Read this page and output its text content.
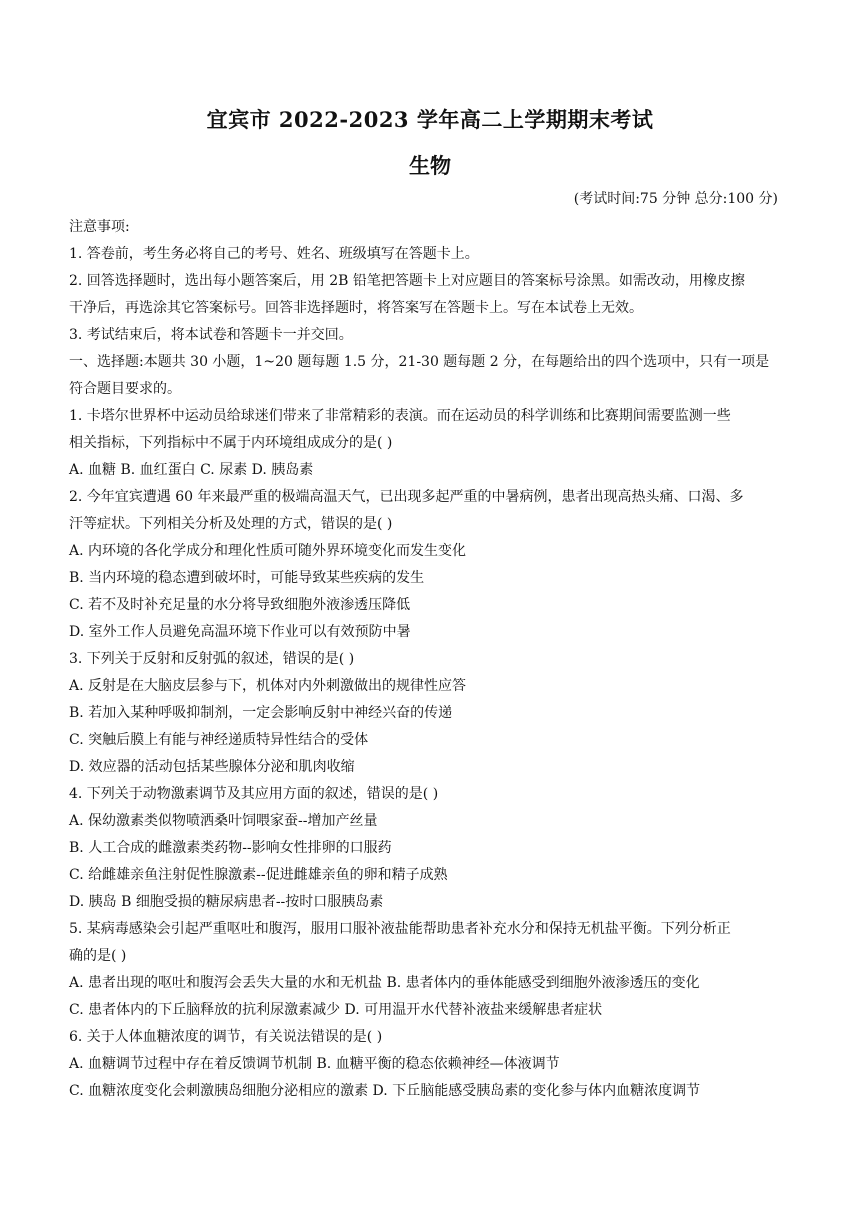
宜宾市 2022-2023 学年高二上学期期末考试
生物
(考试时间:75 分钟 总分:100 分)

注意事项:

1. 答卷前，考生务必将自己的考号、姓名、班级填写在答题卡上。

2. 回答选择题时，选出每小题答案后，用 2B 铅笔把答题卡上对应题目的答案标号涂黑。如需改动，用橡皮擦

干净后，再选涂其它答案标号。回答非选择题时，将答案写在答题卡上。写在本试卷上无效。

3. 考试结束后，将本试卷和答题卡一并交回。

一、选择题:本题共 30 小题，1~20 题每题 1.5 分，21-30 题每题 2 分，在每题给出的四个选项中，只有一项是

符合题目要求的。

1. 卡塔尔世界杯中运动员给球迷们带来了非常精彩的表演。而在运动员的科学训练和比赛期间需要监测一些

相关指标，下列指标中不属于内环境组成成分的是( )

A. 血糖 B. 血红蛋白 C. 尿素 D. 胰岛素

2. 今年宜宾遭遇 60 年来最严重的极端高温天气，已出现多起严重的中暑病例，患者出现高热头痛、口渴、多

汗等症状。下列相关分析及处理的方式，错误的是( )

A. 内环境的各化学成分和理化性质可随外界环境变化而发生变化

B. 当内环境的稳态遭到破坏时，可能导致某些疾病的发生

C. 若不及时补充足量的水分将导致细胞外液渗透压降低

D. 室外工作人员避免高温环境下作业可以有效预防中暑

3. 下列关于反射和反射弧的叙述，错误的是( )

A. 反射是在大脑皮层参与下，机体对内外刺激做出的规律性应答

B. 若加入某种呼吸抑制剂，一定会影响反射中神经兴奋的传递

C. 突触后膜上有能与神经递质特异性结合的受体

D. 效应器的活动包括某些腺体分泌和肌肉收缩

4. 下列关于动物激素调节及其应用方面的叙述，错误的是( )

A. 保幼激素类似物喷洒桑叶饲喂家蚕--增加产丝量

B. 人工合成的雌激素类药物--影响女性排卵的口服药

C. 给雌雄亲鱼注射促性腺激素--促进雌雄亲鱼的卵和精子成熟

D. 胰岛 B 细胞受损的糖尿病患者--按时口服胰岛素

5. 某病毒感染会引起严重呕吐和腹泻，服用口服补液盐能帮助患者补充水分和保持无机盐平衡。下列分析正

确的是( )

A. 患者出现的呕吐和腹泻会丢失大量的水和无机盐 B. 患者体内的垂体能感受到细胞外液渗透压的变化

C. 患者体内的下丘脑释放的抗利尿激素减少 D. 可用温开水代替补液盐来缓解患者症状

6. 关于人体血糖浓度的调节，有关说法错误的是( )

A. 血糖调节过程中存在着反馈调节机制 B. 血糖平衡的稳态依赖神经—体液调节

C. 血糖浓度变化会刺激胰岛细胞分泌相应的激素 D. 下丘脑能感受胰岛素的变化参与体内血糖浓度调节
